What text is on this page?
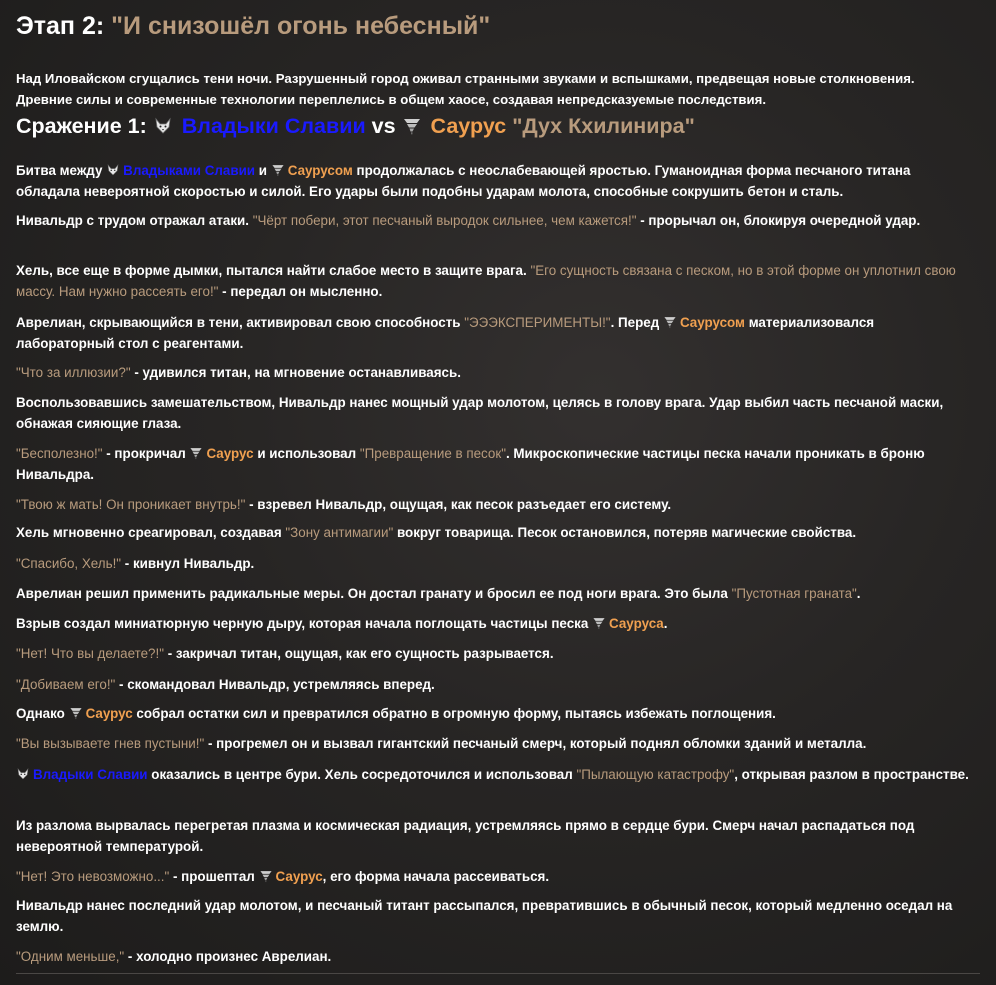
Этап 2: "И снизошёл огонь небесный"

Над Иловайском сгущались тени ночи. Разрушенный город оживал странными звуками и вспышками, предвещая новые столкновения.

Древние силы и современные технологии переплелись в общем хаосе, создавая непредсказуемые последствия.

Сражение 1: Владыки Славии vs Саурус "Дух Кхилинира"

Битва между Владыками Славии и Саурусом продолжалась с неослабевающей яростью. Гуманоидная форма песчаного титана обладала невероятной скоростью и силой. Его удары были подобны ударам молота, способные сокрушить бетон и сталь.

Нивальдр с трудом отражал атаки. "Чёрт побери, этот песчаный выродок сильнее, чем кажется!" - прорычал он, блокируя очередной удар.

Хель, все еще в форме дымки, пытался найти слабое место в защите врага. "Его сущность связана с песком, но в этой форме он уплотнил свою массу. Нам нужно рассеять его!" - передал он мысленно.

Аврелиан, скрывающийся в тени, активировал свою способность "ЭЭЭКСПЕРИМЕНТЫ!". Перед Саурусом материализовался лабораторный стол с реагентами.

"Что за иллюзии?" - удивился титан, на мгновение останавливаясь.

Воспользовавшись замешательством, Нивальдр нанес мощный удар молотом, целясь в голову врага. Удар выбил часть песчаной маски, обнажая сияющие глаза.

"Бесполезно!" - прокричал Саурус и использовал "Превращение в песок". Микроскопические частицы песка начали проникать в броню Нивальдра.

"Твою ж мать! Он проникает внутрь!" - взревел Нивальдр, ощущая, как песок разъедает его систему.

Хель мгновенно среагировал, создавая "Зону антимагии" вокруг товарища. Песок остановился, потеряв магические свойства.

"Спасибо, Хель!" - кивнул Нивальдр.

Аврелиан решил применить радикальные меры. Он достал гранату и бросил ее под ноги врага. Это была "Пустотная граната".

Взрыв создал миниатюрную черную дыру, которая начала поглощать частицы песка Сауруса.

"Нет! Что вы делаете?!" - закричал титан, ощущая, как его сущность разрывается.

"Добиваем его!" - скомандовал Нивальдр, устремляясь вперед.

Однако Саурус собрал остатки сил и превратился обратно в огромную форму, пытаясь избежать поглощения.

"Вы вызываете гнев пустыни!" - прогремел он и вызвал гигантский песчаный смерч, который поднял обломки зданий и металла.

Владыки Славии оказались в центре бури. Хель сосредоточился и использовал "Пылающую катастрофу", открывая разлом в пространстве.

Из разлома вырвалась перегретая плазма и космическая радиация, устремляясь прямо в сердце бури. Смерч начал распадаться под невероятной температурой.

"Нет! Это невозможно..." - прошептал Саурус, его форма начала рассеиваться.

Нивальдр нанес последний удар молотом, и песчаный титант рассыпался, превратившись в обычный песок, который медленно оседал на землю.

"Одним меньше," - холодно произнес Аврелиан.
